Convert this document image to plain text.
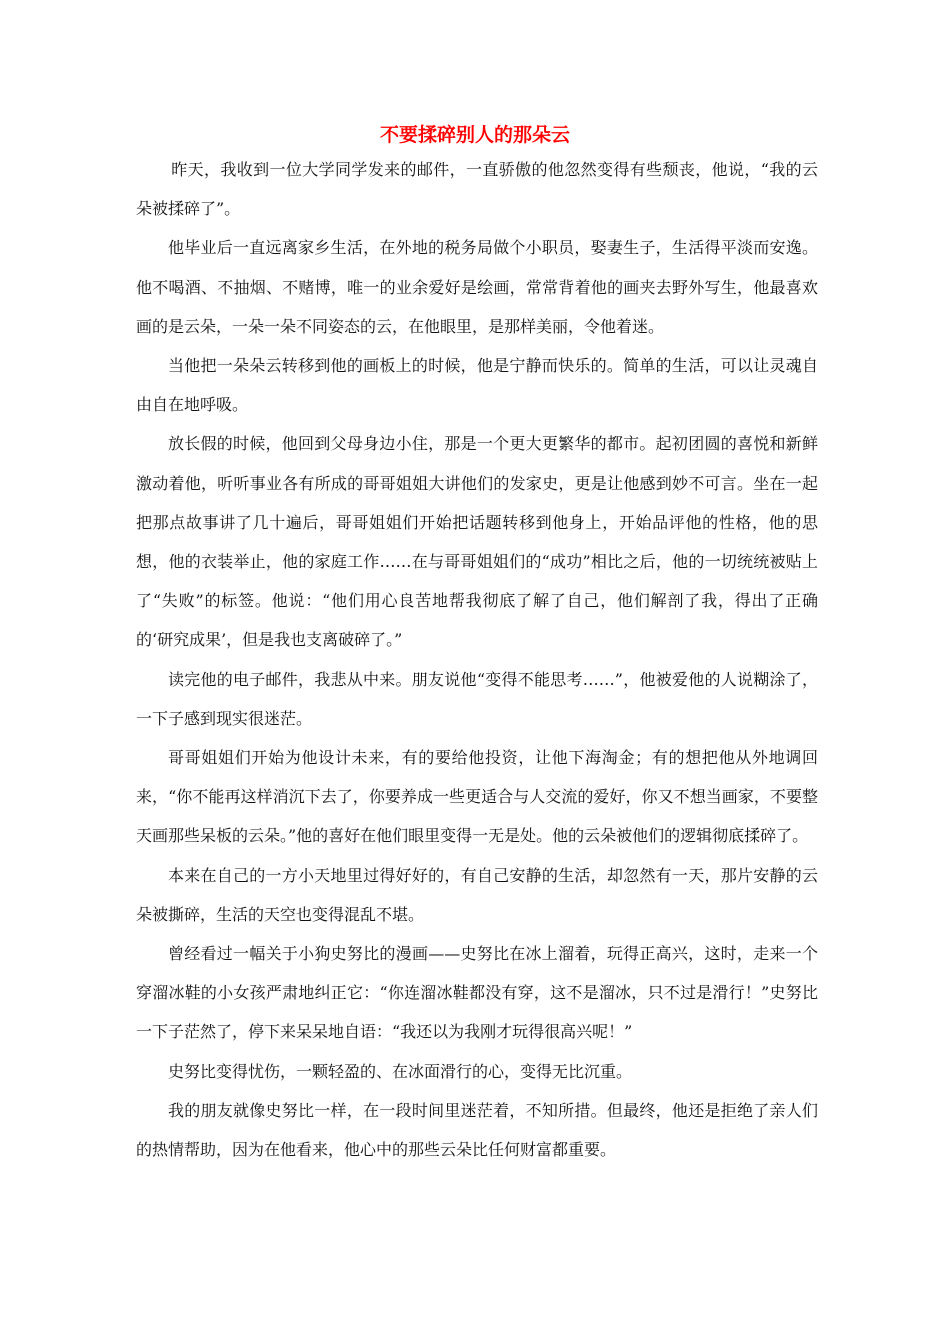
不要揉碎别人的那朵云

昨天，我收到一位大学同学发来的邮件，一直骄傲的他忽然变得有些颓丧，他说，“我的云朵被揉碎了”。

他毕业后一直远离家乡生活，在外地的税务局做个小职员，娶妻生子，生活得平淡而安逸。他不喝酒、不抽烟、不赌博，唯一的业余爱好是绘画，常常背着他的画夹去野外写生，他最喜欢画的是云朵，一朵一朵不同姿态的云，在他眼里，是那样美丽，令他着迷。

当他把一朵朵云转移到他的画板上的时候，他是宁静而快乐的。简单的生活，可以让灵魂自由自在地呼吸。

放长假的时候，他回到父母身边小住，那是一个更大更繁华的都市。起初团圆的喜悦和新鲜激动着他，听听事业各有所成的哥哥姐姐大讲他们的发家史，更是让他感到妙不可言。坐在一起把那点故事讲了几十遍后，哥哥姐姐们开始把话题转移到他身上，开始品评他的性格，他的思想，他的衣装举止，他的家庭工作……在与哥哥姐姐们的“成功”相比之后，他的一切统统被贴上了“失败”的标签。他说：“他们用心良苦地帮我彻底了解了自己，他们解剖了我，得出了正确的‘研究成果’，但是我也支离破碎了。”

读完他的电子邮件，我悲从中来。朋友说他“变得不能思考……”，他被爱他的人说糊涂了，一下子感到现实很迷茫。

哥哥姐姐们开始为他设计未来，有的要给他投资，让他下海淘金；有的想把他从外地调回来，“你不能再这样消沉下去了，你要养成一些更适合与人交流的爱好，你又不想当画家，不要整天画那些呆板的云朵。”他的喜好在他们眼里变得一无是处。他的云朵被他们的逻辑彻底揉碎了。

本来在自己的一方小天地里过得好好的，有自己安静的生活，却忽然有一天，那片安静的云朵被撕碎，生活的天空也变得混乱不堪。

曾经看过一幅关于小狗史努比的漫画——史努比在冰上溜着，玩得正高兴，这时，走来一个穿溜冰鞋的小女孩严肃地纠正它：“你连溜冰鞋都没有穿，这不是溜冰，只不过是滑行！”史努比一下子茫然了，停下来呆呆地自语：“我还以为我刚才玩得很高兴呢！”

史努比变得忧伤，一颗轻盈的、在冰面滑行的心，变得无比沉重。

我的朋友就像史努比一样，在一段时间里迷茫着，不知所措。但最终，他还是拒绝了亲人们的热情帮助，因为在他看来，他心中的那些云朵比任何财富都重要。
